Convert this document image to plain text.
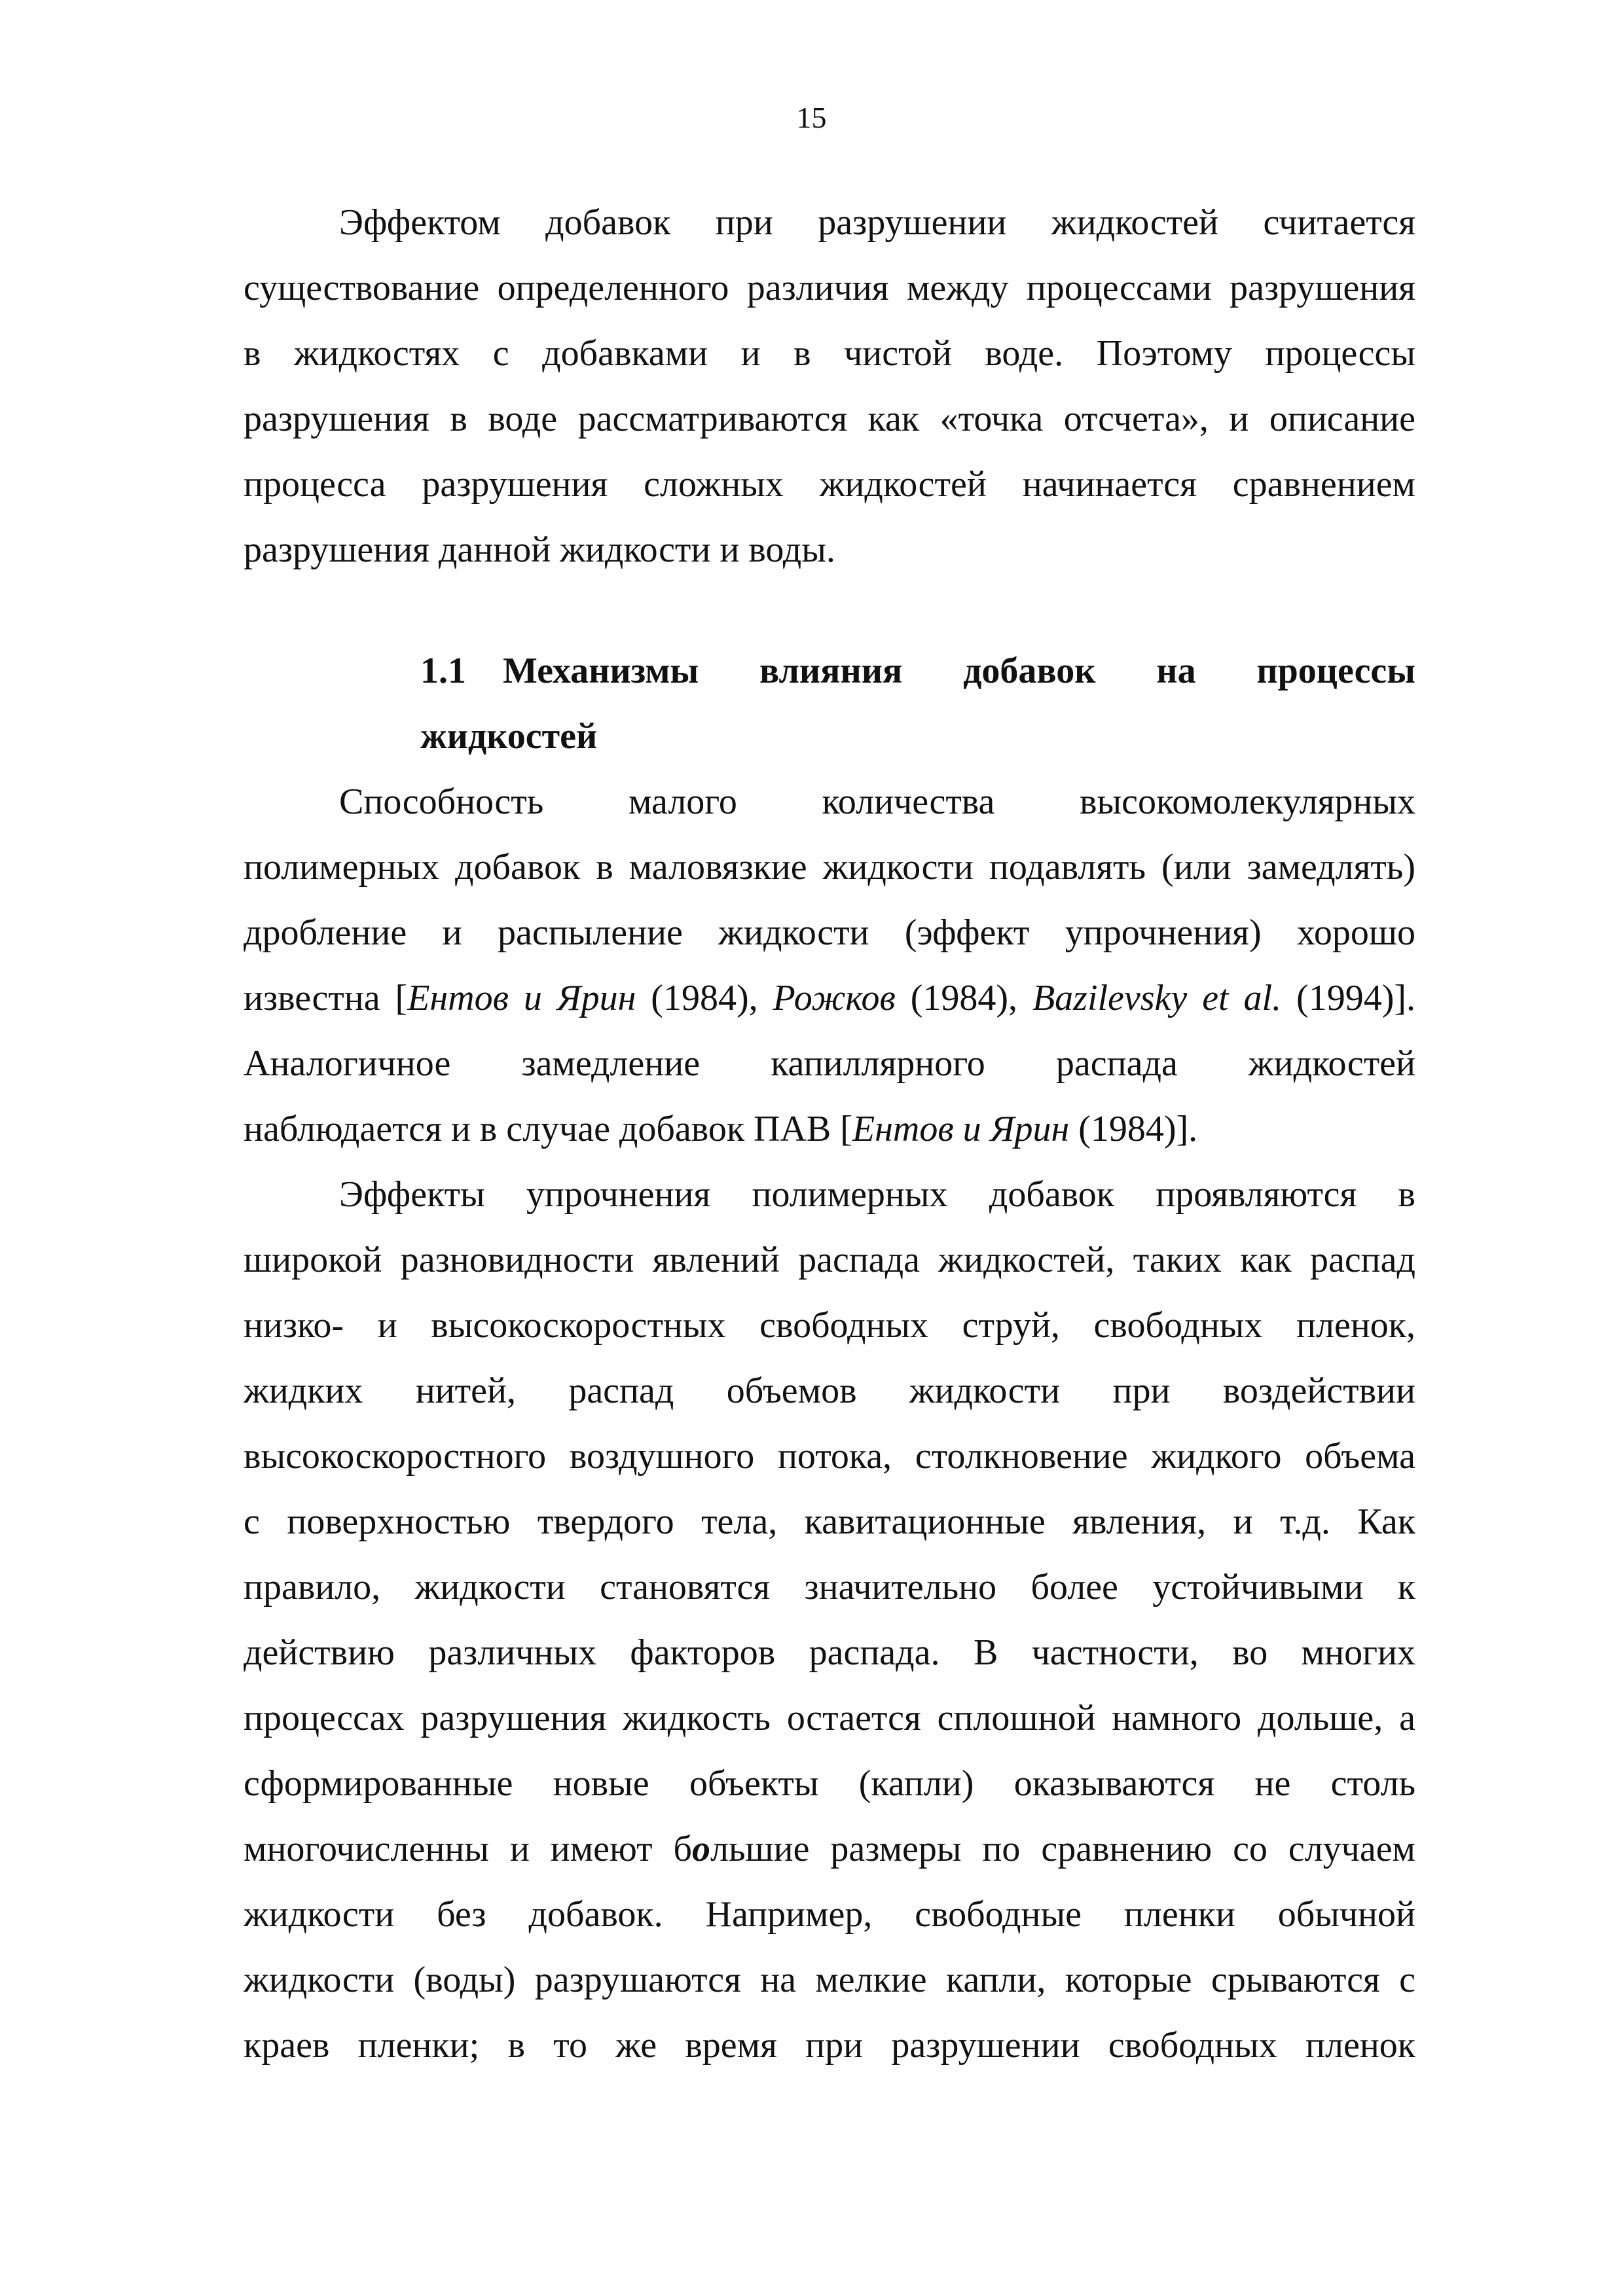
15
Эффектом добавок при разрушении жидкостей считается
существование определенного различия между процессами разрушения
в жидкостях с добавками и в чистой воде. Поэтому процессы
разрушения в воде рассматриваются как «точка отсчета», и описание
процесса разрушения сложных жидкостей начинается сравнением
разрушения данной жидкости и воды.
1.1 Механизмы влияния добавок на процессы
жидкостей
Способность малого количества высокомолекулярных
полимерных добавок в маловязкие жидкости подавлять (или замедлять)
дробление и распыление жидкости (эффект упрочнения) хорошо
известна [Ентов и Ярин (1984), Рожков (1984), Bazilevsky et al. (1994)].
Аналогичное замедление капиллярного распада жидкостей
наблюдается и в случае добавок ПАВ [Ентов и Ярин (1984)].
Эффекты упрочнения полимерных добавок проявляются в
широкой разновидности явлений распада жидкостей, таких как распад
низко- и высокоскоростных свободных струй, свободных пленок,
жидких нитей, распад объемов жидкости при воздействии
высокоскоростного воздушного потока, столкновение жидкого объема
с поверхностью твердого тела, кавитационные явления, и т.д. Как
правило, жидкости становятся значительно более устойчивыми к
действию различных факторов распада. В частности, во многих
процессах разрушения жидкость остается сплошной намного дольше, а
сформированные новые объекты (капли) оказываются не столь
многочисленны и имеют большие размеры по сравнению со случаем
жидкости без добавок. Например, свободные пленки обычной
жидкости (воды) разрушаются на мелкие капли, которые срываются с
краев пленки; в то же время при разрушении свободных пленок
